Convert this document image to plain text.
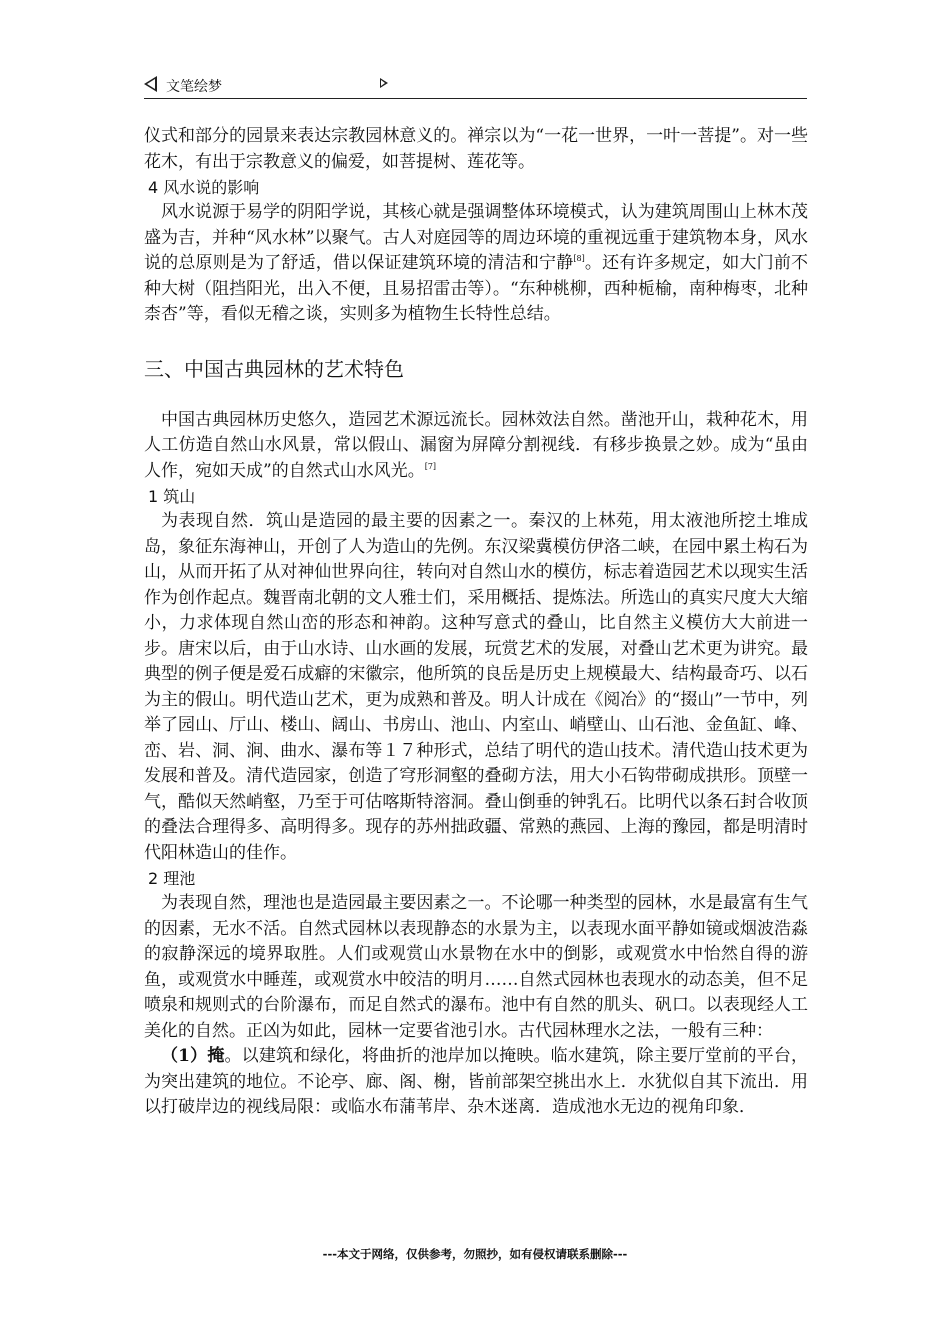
文笔绘梦

仪式和部分的园景来表达宗教园林意义的。禅宗以为“一花一世界，一叶一菩提”。对一些花木，有出于宗教意义的偏爱，如菩提树、莲花等。

4 风水说的影响

风水说源于易学的阴阳学说，其核心就是强调整体环境模式，认为建筑周围山上林木茂盛为吉，并种“风水林”以聚气。古人对庭园等的周边环境的重视远重于建筑物本身，风水说的总原则是为了舒适，借以保证建筑环境的清洁和宁静[8]。还有许多规定，如大门前不种大树（阻挡阳光，出入不便，且易招雷击等）。“东种桃柳，西种栀榆，南种梅枣，北种柰杏”等，看似无稽之谈，实则多为植物生长特性总结。

三、中国古典园林的艺术特色

中国古典园林历史悠久，造园艺术源远流长。园林效法自然。凿池开山，栽种花木，用人工仿造自然山水风景，常以假山、漏窗为屏障分割视线．有移步换景之妙。成为“虽由人作，宛如天成”的自然式山水风光。[7]

1 筑山

为表现自然．筑山是造园的最主要的因素之一。秦汉的上林苑，用太液池所挖土堆成岛，象征东海神山，开创了人为造山的先例。东汉梁冀模仿伊洛二峡，在园中累土构石为山，从而开拓了从对神仙世界向往，转向对自然山水的模仿，标志着造园艺术以现实生活作为创作起点。魏晋南北朝的文人雅士们，采用概括、提炼法。所选山的真实尺度大大缩小，力求体现自然山峦的形态和神韵。这种写意式的叠山，比自然主义模仿大大前进一步。唐宋以后，由于山水诗、山水画的发展，玩赏艺术的发展，对叠山艺术更为讲究。最典型的例子便是爱石成癖的宋徽宗，他所筑的良岳是历史上规模最大、结构最奇巧、以石为主的假山。明代造山艺术，更为成熟和普及。明人计成在《阅冶》的“掇山”一节中，列举了园山、厅山、楼山、阔山、书房山、池山、内室山、峭壁山、山石池、金鱼缸、峰、峦、岩、洞、涧、曲水、瀑布等１７种形式，总结了明代的造山技术。清代造山技术更为发展和普及。清代造园家，创造了穹形洞壑的叠砌方法，用大小石钩带砌成拱形。顶壁一气，酷似天然峭壑，乃至于可估喀斯特溶洞。叠山倒垂的钟乳石。比明代以条石封合收顶的叠法合理得多、高明得多。现存的苏州拙政疆、常熟的燕园、上海的豫园，都是明清时代阳林造山的佳作。

2 理池

为表现自然，理池也是造园最主要因素之一。不论哪一种类型的园林，水是最富有生气的因素，无水不活。自然式园林以表现静态的水景为主，以表现水面平静如镜或烟波浩淼的寂静深远的境界取胜。人们或观赏山水景物在水中的倒影，或观赏水中怡然自得的游鱼，或观赏水中睡莲，或观赏水中皎洁的明月……自然式园林也表现水的动态美，但不足喷泉和规则式的台阶瀑布，而足自然式的瀑布。池中有自然的肌头、矾口。以表现经人工美化的自然。正凶为如此，园林一定要省池引水。古代园林理水之法，一般有三种：

（1）掩。以建筑和绿化，将曲折的池岸加以掩映。临水建筑，除主要厅堂前的平台，为突出建筑的地位。不论亭、廊、阁、榭，皆前部架空挑出水上．水犹似自其下流出．用以打破岸边的视线局限：或临水布蒲苇岸、杂木迷离．造成池水无边的视角印象．

---本文于网络，仅供参考，勿照抄，如有侵权请联系删除---
